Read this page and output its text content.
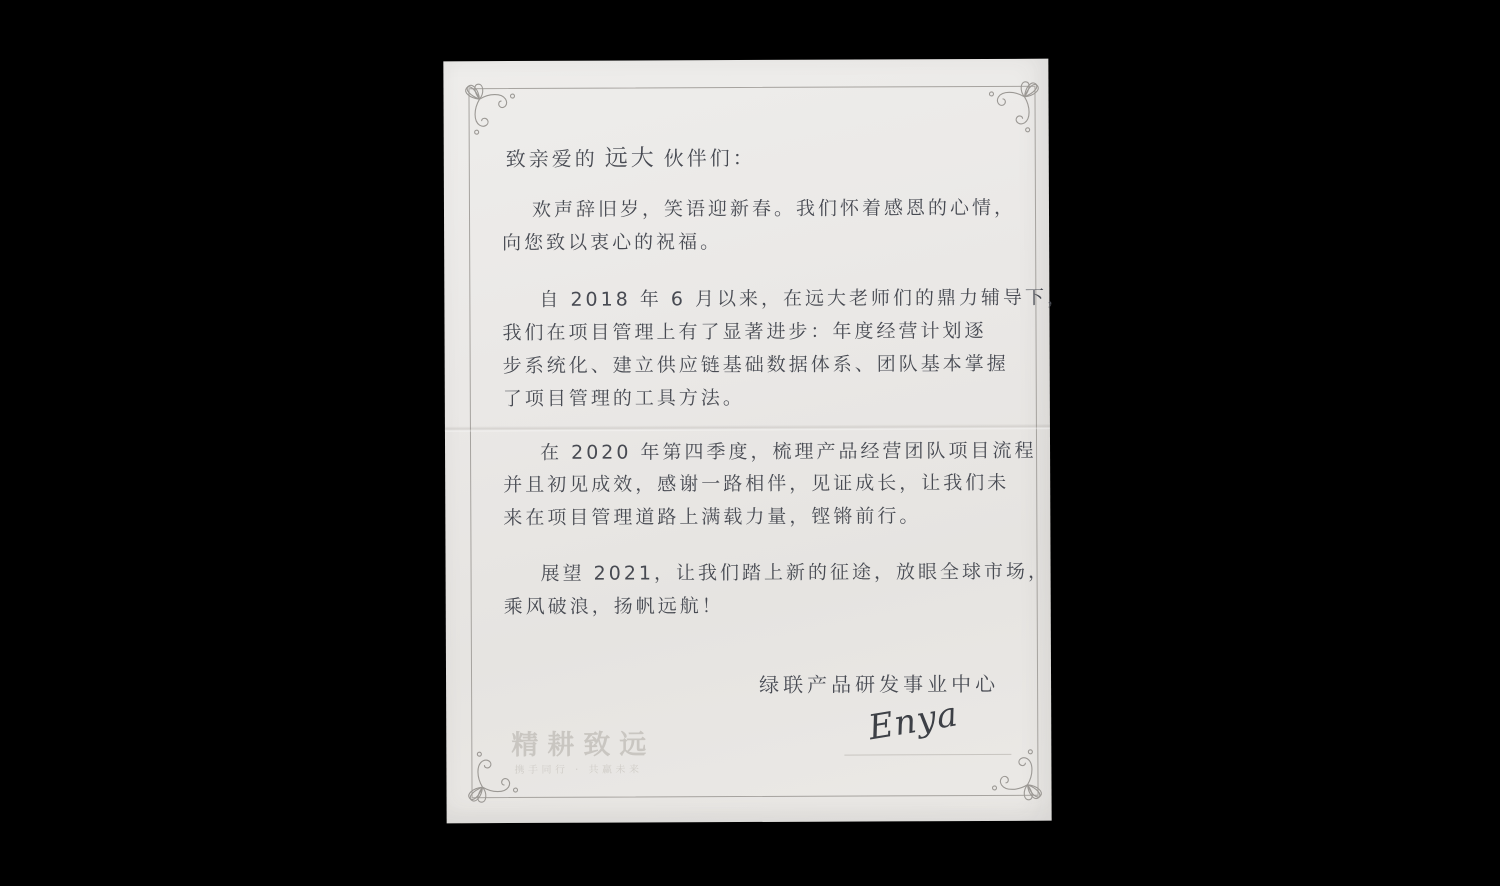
致亲爱的 远大 伙伴们：
欢声辞旧岁，笑语迎新春。我们怀着感恩的心情，
向您致以衷心的祝福。
自 2018 年 6 月以来，在远大老师们的鼎力辅导下，
我们在项目管理上有了显著进步：年度经营计划逐
步系统化、建立供应链基础数据体系、团队基本掌握
了项目管理的工具方法。
在 2020 年第四季度，梳理产品经营团队项目流程
并且初见成效，感谢一路相伴，见证成长，让我们未
来在项目管理道路上满载力量，铿锵前行。
展望 2021，让我们踏上新的征途，放眼全球市场，
乘风破浪，扬帆远航！
绿联产品研发事业中心
Enya
精耕致远
携手同行 · 共赢未来
